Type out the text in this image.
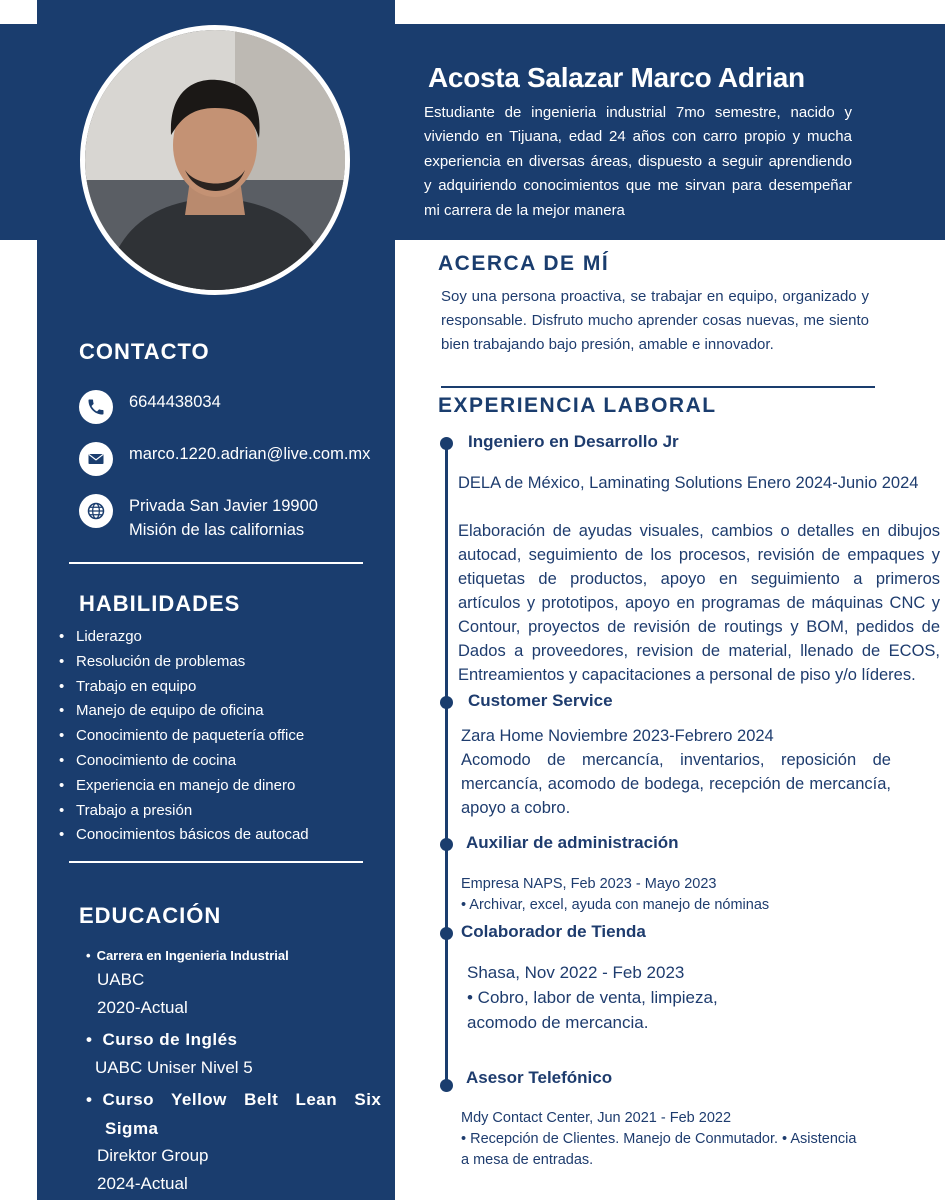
Acosta Salazar Marco Adrian

Estudiante de ingenieria industrial 7mo semestre, nacido y viviendo en Tijuana, edad 24 años con carro propio y mucha experiencia en diversas áreas, dispuesto a seguir aprendiendo y adquiriendo conocimientos que me sirvan para desempeñar mi carrera de la mejor manera

CONTACTO
6644438034
marco.1220.adrian@live.com.mx
Privada San Javier 19900
Misión de las californias
HABILIDADES
• Liderazgo
• Resolución de problemas
• Trabajo en equipo
• Manejo de equipo de oficina
• Conocimiento de paquetería office
• Conocimiento de cocina
• Experiencia en manejo de dinero
• Trabajo a presión
• Conocimientos básicos de autocad
EDUCACIÓN
• Carrera en Ingenieria Industrial
UABC
2020-Actual
• Curso de Inglés
UABC Uniser Nivel 5
• Curso Yellow Belt Lean Six
Sigma
Direktor Group
2024-Actual
ACERCA DE MÍ

Soy una persona proactiva, se trabajar en equipo, organizado y responsable. Disfruto mucho aprender cosas nuevas, me siento bien trabajando bajo presión, amable e innovador.

EXPERIENCIA LABORAL
Ingeniero en Desarrollo Jr

DELA de México, Laminating Solutions Enero 2024-Junio 2024

Elaboración de ayudas visuales, cambios o detalles en dibujos autocad, seguimiento de los procesos, revisión de empaques y etiquetas de productos, apoyo en seguimiento a primeros artículos y prototipos, apoyo en programas de máquinas CNC y Contour, proyectos de revisión de routings y BOM, pedidos de Dados a proveedores, revision de material, llenado de ECOS, Entreamientos y capacitaciones a personal de piso y/o líderes.

Customer Service

Zara Home Noviembre 2023-Febrero 2024

Acomodo de mercancía, inventarios, reposición de mercancía, acomodo de bodega, recepción de mercancía, apoyo a cobro.

Auxiliar de administración

Empresa NAPS, Feb 2023 - Mayo 2023

• Archivar, excel, ayuda con manejo de nóminas

Colaborador de Tienda

Shasa, Nov 2022 - Feb 2023

• Cobro, labor de venta, limpieza, acomodo de mercancia.

Asesor Telefónico

Mdy Contact Center, Jun 2021 - Feb 2022

• Recepción de Clientes. Manejo de Conmutador. • Asistencia a mesa de entradas.
